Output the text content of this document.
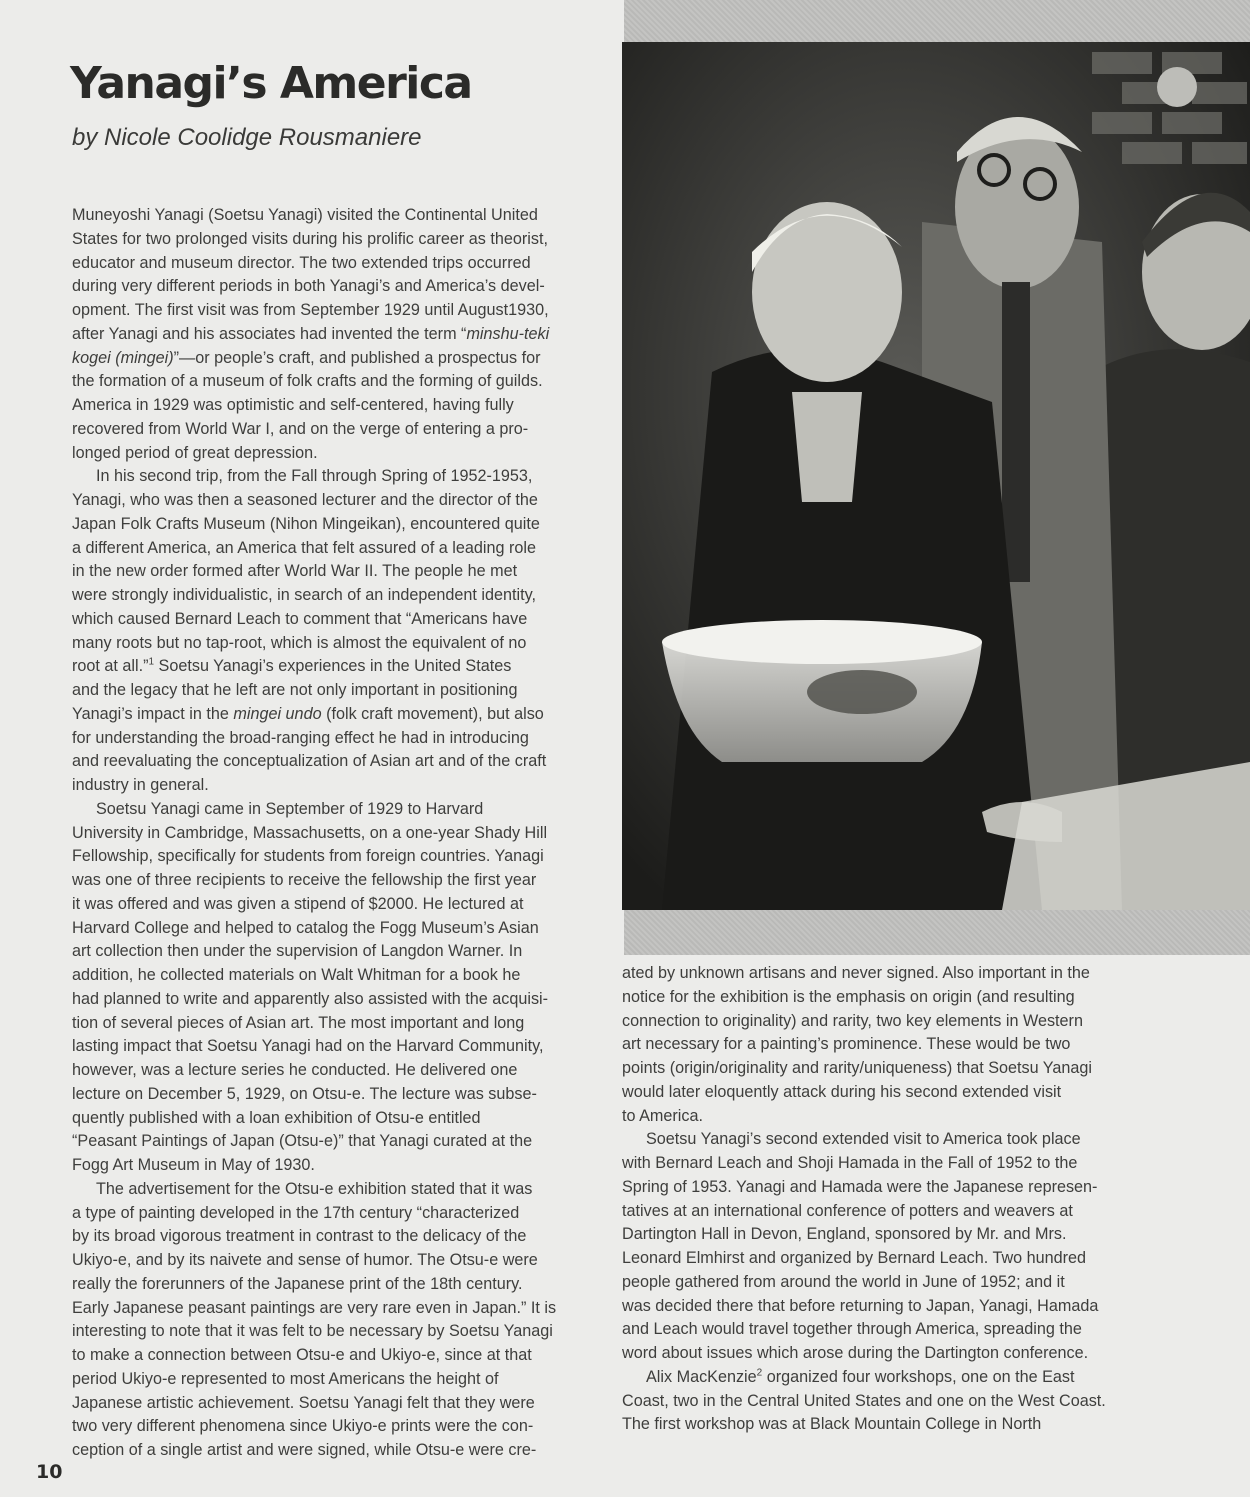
Yanagi’s America

by Nicole Coolidge Rousmaniere

Muneyoshi Yanagi (Soetsu Yanagi) visited the Continental United
States for two prolonged visits during his prolific career as theorist,
educator and museum director. The two extended trips occurred
during very different periods in both Yanagi’s and America’s devel-
opment. The first visit was from September 1929 until August1930,
after Yanagi and his associates had invented the term “minshu-teki
kogei (mingei)”—or people’s craft, and published a prospectus for
the formation of a museum of folk crafts and the forming of guilds.
America in 1929 was optimistic and self-centered, having fully
recovered from World War I, and on the verge of entering a pro-
longed period of great depression.
In his second trip, from the Fall through Spring of 1952-1953,
Yanagi, who was then a seasoned lecturer and the director of the
Japan Folk Crafts Museum (Nihon Mingeikan), encountered quite
a different America, an America that felt assured of a leading role
in the new order formed after World War II. The people he met
were strongly individualistic, in search of an independent identity,
which caused Bernard Leach to comment that “Americans have
many roots but no tap-root, which is almost the equivalent of no
root at all.”$^1$ Soetsu Yanagi’s experiences in the United States
and the legacy that he left are not only important in positioning
Yanagi’s impact in the mingei undo (folk craft movement), but also
for understanding the broad-ranging effect he had in introducing
and reevaluating the conceptualization of Asian art and of the craft
industry in general.
Soetsu Yanagi came in September of 1929 to Harvard
University in Cambridge, Massachusetts, on a one-year Shady Hill
Fellowship, specifically for students from foreign countries. Yanagi
was one of three recipients to receive the fellowship the first year
it was offered and was given a stipend of $2000. He lectured at
Harvard College and helped to catalog the Fogg Museum’s Asian
art collection then under the supervision of Langdon Warner. In
addition, he collected materials on Walt Whitman for a book he
had planned to write and apparently also assisted with the acquisi-
tion of several pieces of Asian art. The most important and long
lasting impact that Soetsu Yanagi had on the Harvard Community,
however, was a lecture series he conducted. He delivered one
lecture on December 5, 1929, on Otsu-e. The lecture was subse-
quently published with a loan exhibition of Otsu-e entitled
“Peasant Paintings of Japan (Otsu-e)” that Yanagi curated at the
Fogg Art Museum in May of 1930.
The advertisement for the Otsu-e exhibition stated that it was
a type of painting developed in the 17th century “characterized
by its broad vigorous treatment in contrast to the delicacy of the
Ukiyo-e, and by its naivete and sense of humor. The Otsu-e were
really the forerunners of the Japanese print of the 18th century.
Early Japanese peasant paintings are very rare even in Japan.” It is
interesting to note that it was felt to be necessary by Soetsu Yanagi
to make a connection between Otsu-e and Ukiyo-e, since at that
period Ukiyo-e represented to most Americans the height of
Japanese artistic achievement. Soetsu Yanagi felt that they were
two very different phenomena since Ukiyo-e prints were the con-
ception of a single artist and were signed, while Otsu-e were cre-
ated by unknown artisans and never signed. Also important in the
notice for the exhibition is the emphasis on origin (and resulting
connection to originality) and rarity, two key elements in Western
art necessary for a painting’s prominence. These would be two
points (origin/originality and rarity/uniqueness) that Soetsu Yanagi
would later eloquently attack during his second extended visit
to America.
Soetsu Yanagi’s second extended visit to America took place
with Bernard Leach and Shoji Hamada in the Fall of 1952 to the
Spring of 1953. Yanagi and Hamada were the Japanese represen-
tatives at an international conference of potters and weavers at
Dartington Hall in Devon, England, sponsored by Mr. and Mrs.
Leonard Elmhirst and organized by Bernard Leach. Two hundred
people gathered from around the world in June of 1952; and it
was decided there that before returning to Japan, Yanagi, Hamada
and Leach would travel together through America, spreading the
word about issues which arose during the Dartington conference.
Alix MacKenzie$^2$ organized four workshops, one on the East
Coast, two in the Central United States and one on the West Coast.
The first workshop was at Black Mountain College in North
10
